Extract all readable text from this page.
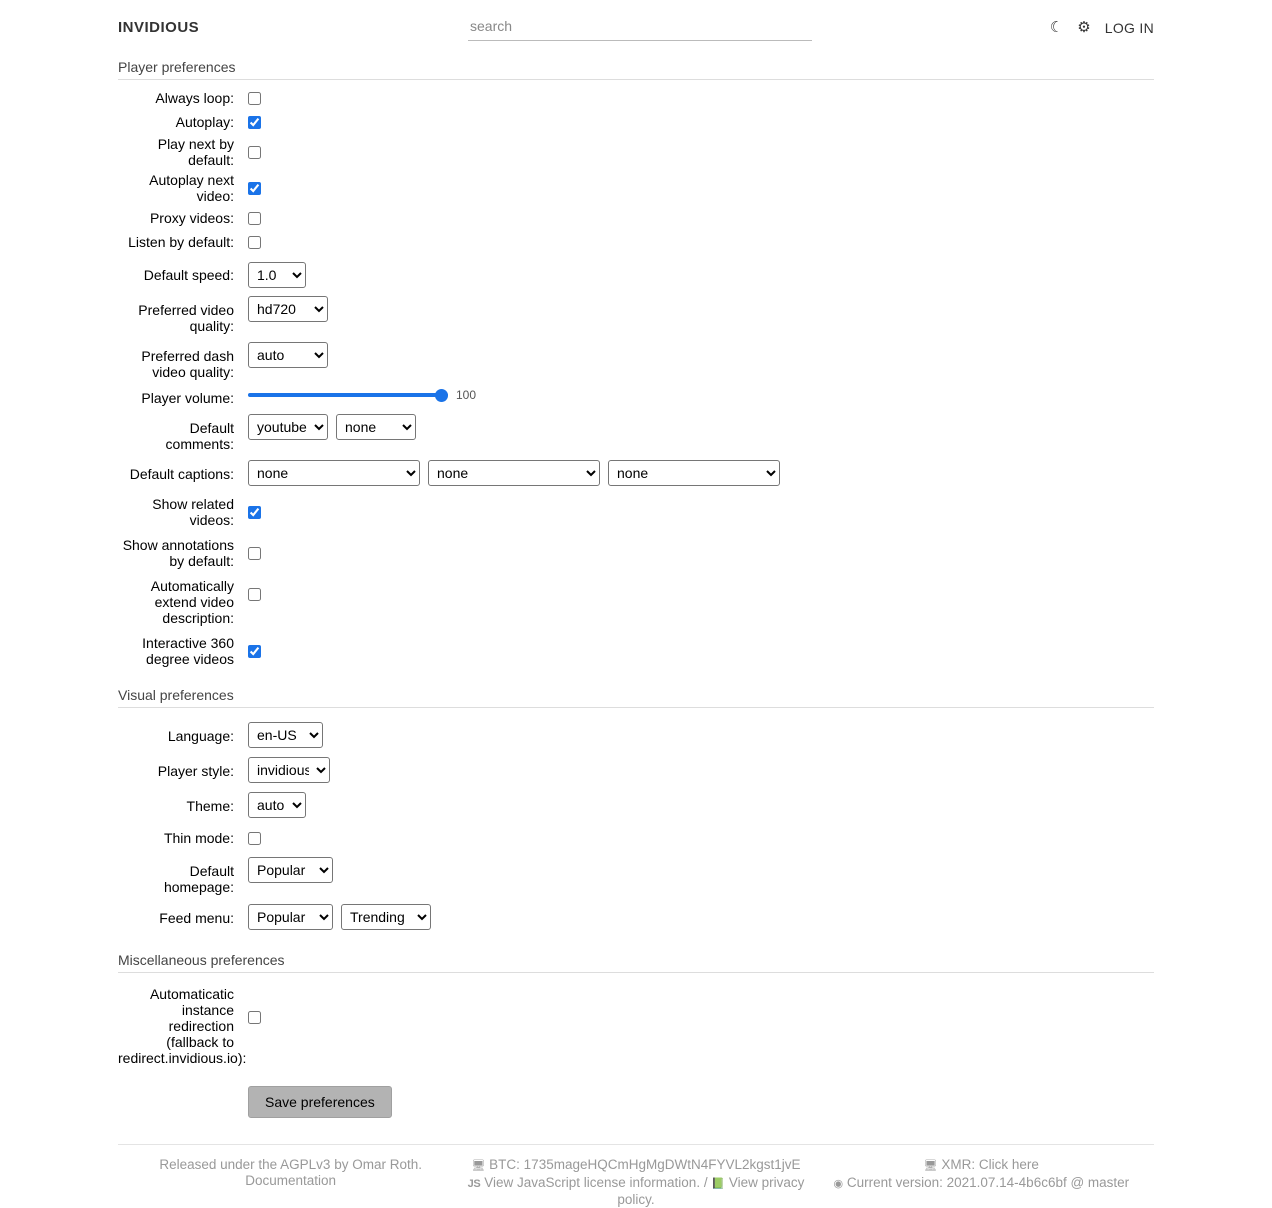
INVIDIOUS
search	☾ ⚙ LOG IN
Player preferences
Always loop:
Autoplay:
Play next by default:
Autoplay next video:
Proxy videos:
Listen by default:
Default speed:
1.0
Preferred video quality:
hd720
Preferred dash video quality:
auto
Player volume:	100
Default comments:
youtube
none
Default captions:
none
none
none
Show related videos:
Show annotations by default:
Automatically extend video description:
Interactive 360 degree videos
Visual preferences
Language:
en-US
Player style:
invidious
Theme:
auto
Thin mode:
Default homepage:
Popular
Feed menu:
Popular
Trending
Miscellaneous preferences
Automaticatic instance redirection (fallback to redirect.invidious.io):
Save preferences
Released under the AGPLv3 by Omar Roth.
Documentation
🖥 BTC: 1735mageHQCmHgMgDWtN4FYVL2kgst1jvE
JS View JavaScript license information. / 📗 View privacy policy.
🖥 XMR: Click here
◉ Current version: 2021.07.14-4b6c6bf @ master
